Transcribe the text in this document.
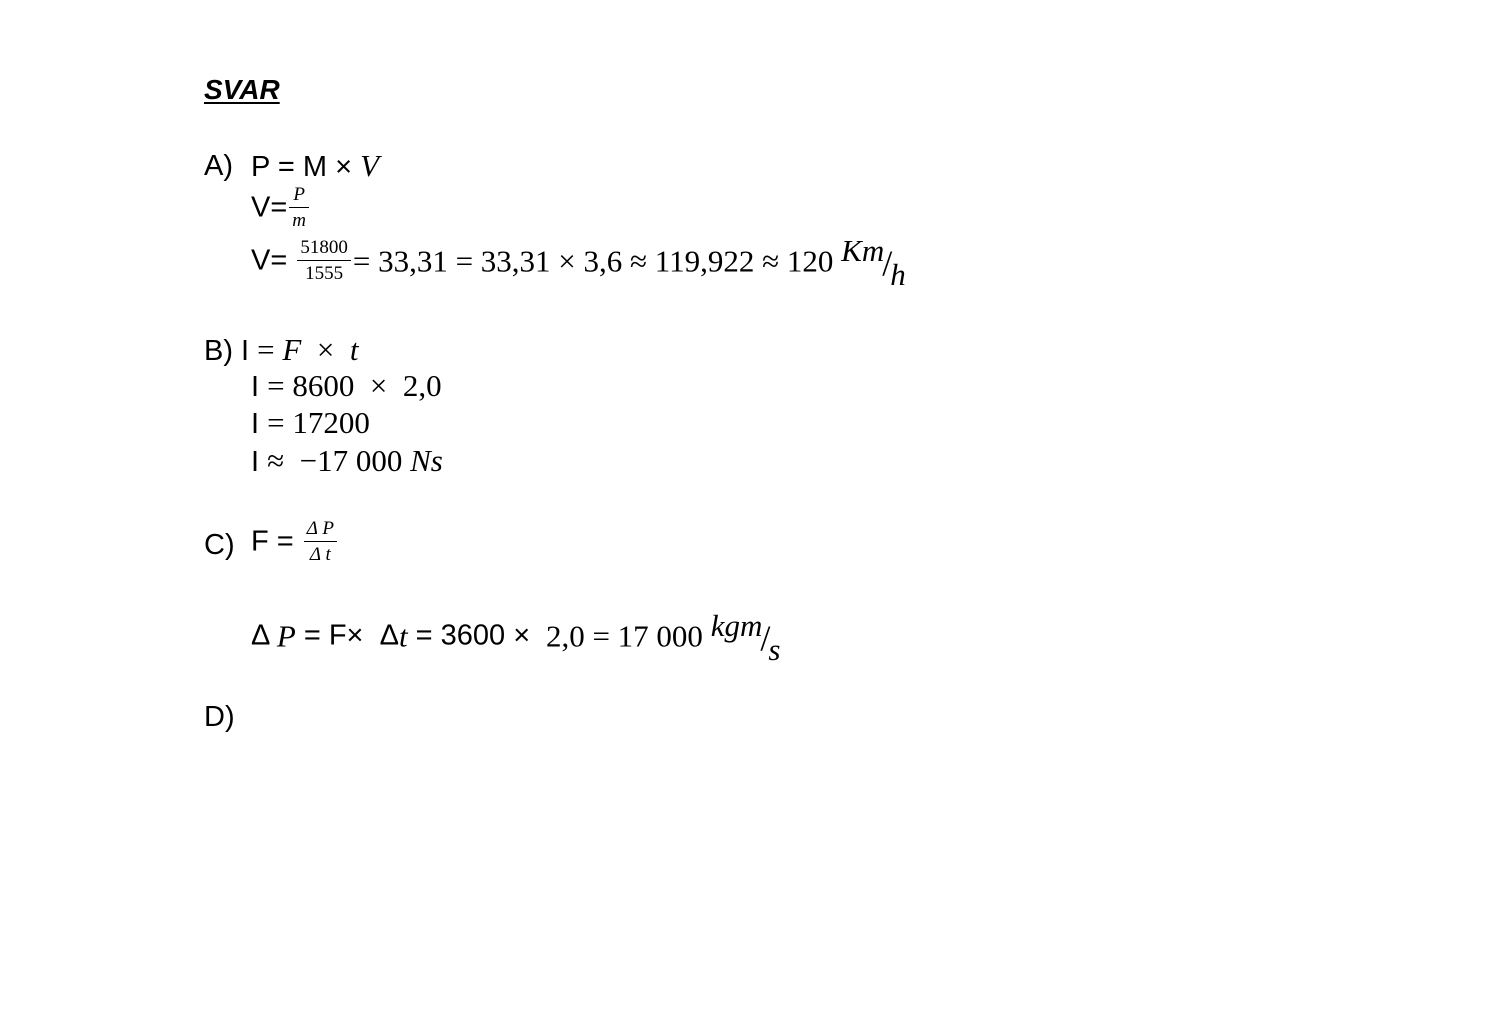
SVAR
A) P = M × V
$V= \frac{P}{m}$
$V= \frac{51800}{1555} = 33,31 = 33,31 \times 3,6 \approx 119,922 \approx 120$ Km/h
B) I = F  ×  t
I = 8600  ×  2,0
I = 17200
I ≈  −17 000 Ns
C) $F = \frac{\text{Δ P}}{\text{Δ t}}$
Δ P = F×  Δt = 3600 ×  2,0 = 17 000 kgm/s
D)
